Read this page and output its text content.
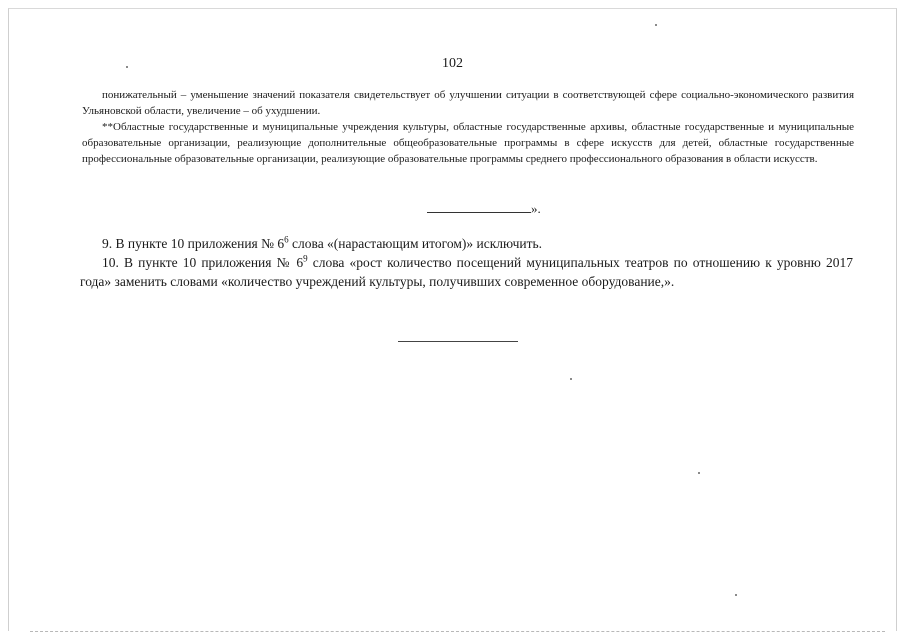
102

понижательный – уменьшение значений показателя свидетельствует об улучшении ситуации в соответствующей сфере социально-экономического развития Ульяновской области, увеличение – об ухудшении.

**Областные государственные и муниципальные учреждения культуры, областные государственные архивы, областные государственные и муниципальные образовательные организации, реализующие дополнительные общеобразовательные программы в сфере искусств для детей, областные государственные профессиональные образовательные организации, реализующие образовательные программы среднего профессионального образования в области искусств.

».

9. В пункте 10 приложения № $6^6$ слова «(нарастающим итогом)» исключить.

10. В пункте 10 приложения № $6^9$ слова «рост количество посещений муниципальных театров по отношению к уровню 2017 года» заменить словами «количество учреждений культуры, получивших современное оборудование,».
